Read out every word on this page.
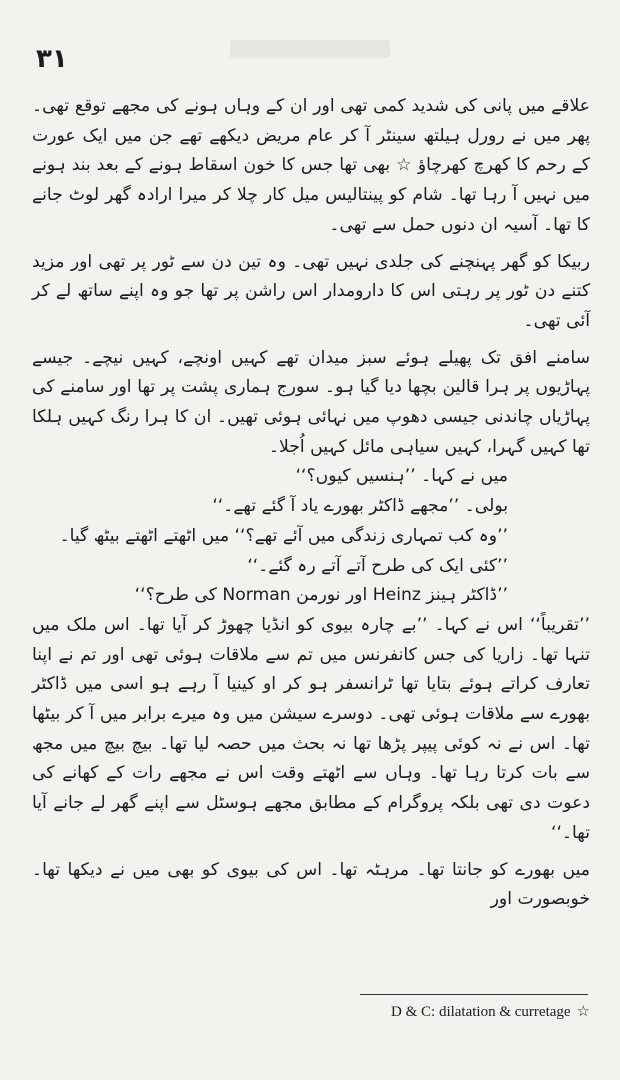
۳۱

علاقے میں پانی کی شدید کمی تھی اور ان کے وہاں ہونے کی مجھے توقع تھی۔ پھر میں نے رورل ہیلتھ سینٹر آ کر عام مریض دیکھے تھے جن میں ایک عورت کے رحم کا کھرچ کھرچاؤ ☆ بھی تھا جس کا خون اسقاط ہونے کے بعد بند ہونے میں نہیں آ رہا تھا۔ شام کو پینتالیس میل کار چلا کر میرا ارادہ گھر لوٹ جانے کا تھا۔ آسیہ ان دنوں حمل سے تھی۔

ربیکا کو گھر پہنچنے کی جلدی نہیں تھی۔ وہ تین دن سے ٹور پر تھی اور مزید کتنے دن ٹور پر رہتی اس کا دارومدار اس راشن پر تھا جو وہ اپنے ساتھ لے کر آئی تھی۔

سامنے افق تک پھیلے ہوئے سبز میدان تھے کہیں اونچے، کہیں نیچے۔ جیسے پہاڑیوں پر ہرا قالین بچھا دیا گیا ہو۔ سورج ہماری پشت پر تھا اور سامنے کی پہاڑیاں چاندنی جیسی دھوپ میں نہائی ہوئی تھیں۔ ان کا ہرا رنگ کہیں ہلکا تھا کہیں گہرا، کہیں سیاہی مائل کہیں اُجلا۔

میں نے کہا۔ ’’ہنسیں کیوں؟‘‘

بولی۔ ’’مجھے ڈاکٹر بھورے یاد آ گئے تھے۔‘‘

’’وہ کب تمہاری زندگی میں آئے تھے؟‘‘ میں اٹھتے اٹھتے بیٹھ گیا۔

’’کئی ایک کی طرح آتے آتے رہ گئے۔‘‘

’’ڈاکٹر ہینز Heinz اور نورمن Norman کی طرح؟‘‘

’’تقریباً‘‘ اس نے کہا۔ ’’بے چارہ بیوی کو انڈیا چھوڑ کر آیا تھا۔ اس ملک میں تنہا تھا۔ زاریا کی جس کانفرنس میں تم سے ملاقات ہوئی تھی اور تم نے اپنا تعارف کراتے ہوئے بتایا تھا ٹرانسفر ہو کر او کینیا آ رہے ہو اسی میں ڈاکٹر بھورے سے ملاقات ہوئی تھی۔ دوسرے سیشن میں وہ میرے برابر میں آ کر بیٹھا تھا۔ اس نے نہ کوئی پیپر پڑھا تھا نہ بحث میں حصہ لیا تھا۔ بیچ بیچ میں مجھ سے بات کرتا رہا تھا۔ وہاں سے اٹھتے وقت اس نے مجھے رات کے کھانے کی دعوت دی تھی بلکہ پروگرام کے مطابق مجھے ہوسٹل سے اپنے گھر لے جانے آیا تھا۔‘‘

میں بھورے کو جانتا تھا۔ مرہٹہ تھا۔ اس کی بیوی کو بھی میں نے دیکھا تھا۔ خوبصورت اور

D & C: dilatation & curretage ☆
